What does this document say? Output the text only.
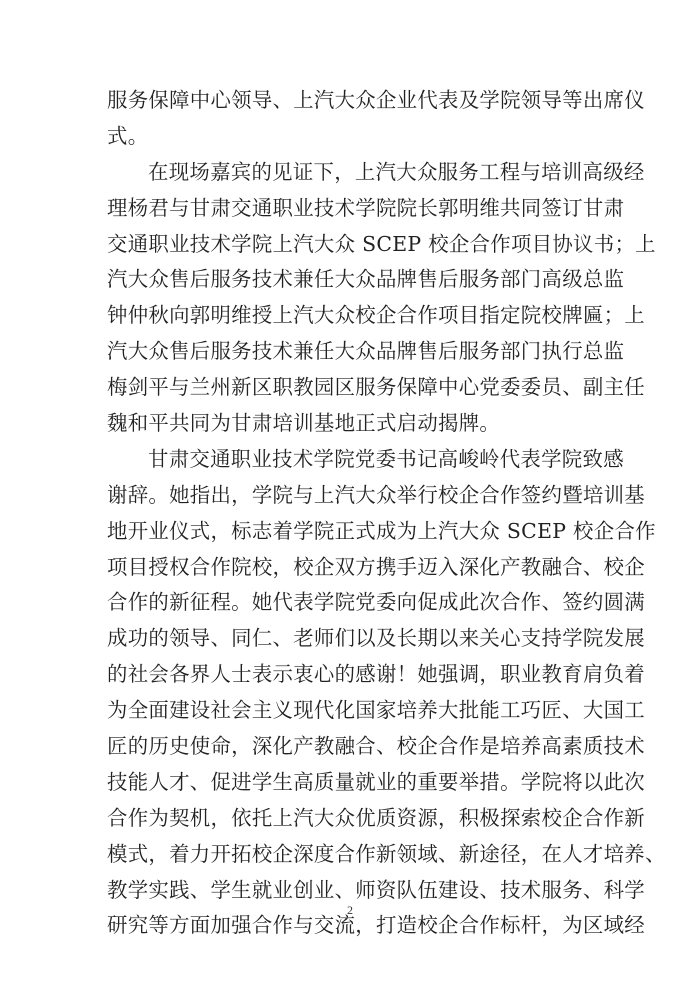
服务保障中心领导、上汽大众企业代表及学院领导等出席仪
式。
在现场嘉宾的见证下，上汽大众服务工程与培训高级经
理杨君与甘肃交通职业技术学院院长郭明维共同签订甘肃
交通职业技术学院上汽大众 SCEP 校企合作项目协议书；上
汽大众售后服务技术兼任大众品牌售后服务部门高级总监
钟仲秋向郭明维授上汽大众校企合作项目指定院校牌匾；上
汽大众售后服务技术兼任大众品牌售后服务部门执行总监
梅剑平与兰州新区职教园区服务保障中心党委委员、副主任
魏和平共同为甘肃培训基地正式启动揭牌。
甘肃交通职业技术学院党委书记高峻岭代表学院致感
谢辞。她指出，学院与上汽大众举行校企合作签约暨培训基
地开业仪式，标志着学院正式成为上汽大众 SCEP 校企合作
项目授权合作院校，校企双方携手迈入深化产教融合、校企
合作的新征程。她代表学院党委向促成此次合作、签约圆满
成功的领导、同仁、老师们以及长期以来关心支持学院发展
的社会各界人士表示衷心的感谢！她强调，职业教育肩负着
为全面建设社会主义现代化国家培养大批能工巧匠、大国工
匠的历史使命，深化产教融合、校企合作是培养高素质技术
技能人才、促进学生高质量就业的重要举措。学院将以此次
合作为契机，依托上汽大众优质资源，积极探索校企合作新
模式，着力开拓校企深度合作新领域、新途径，在人才培养、
教学实践、学生就业创业、师资队伍建设、技术服务、科学
研究等方面加强合作与交流，打造校企合作标杆，为区域经
2
